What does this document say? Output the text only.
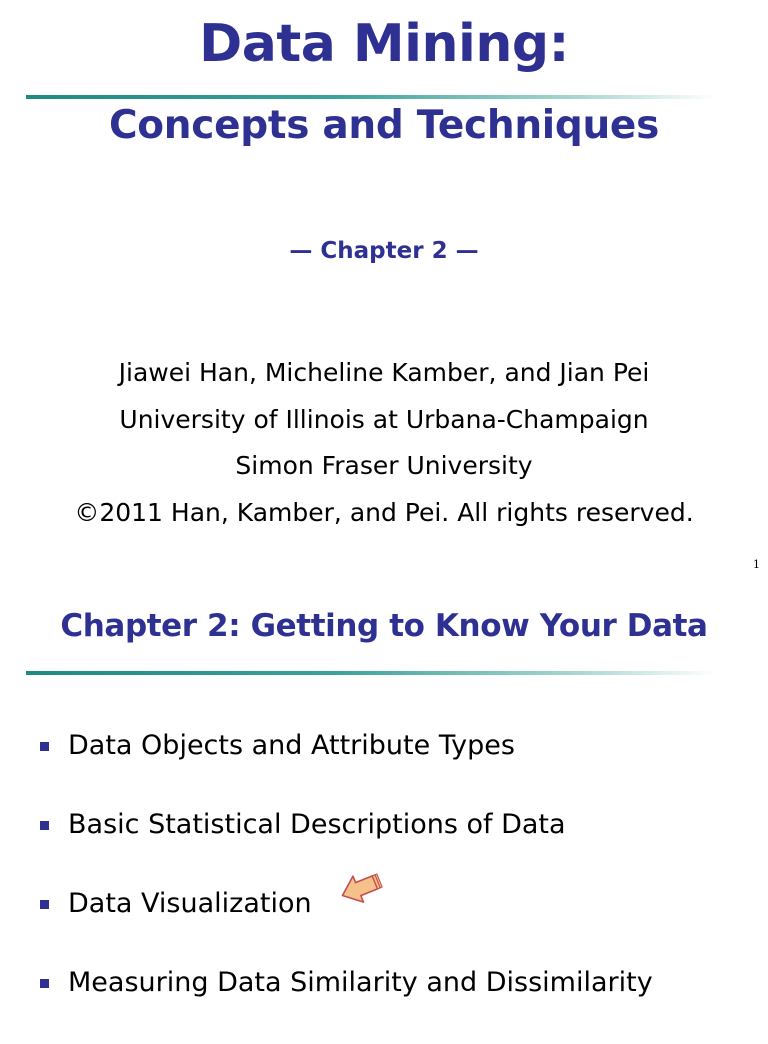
Data Mining:
Concepts and Techniques
— Chapter 2 —
Jiawei Han, Micheline Kamber, and Jian Pei
University of Illinois at Urbana-Champaign
Simon Fraser University
©2011 Han, Kamber, and Pei. All rights reserved.
1
Chapter 2: Getting to Know Your Data
Data Objects and Attribute Types
Basic Statistical Descriptions of Data
Data Visualization
Measuring Data Similarity and Dissimilarity
